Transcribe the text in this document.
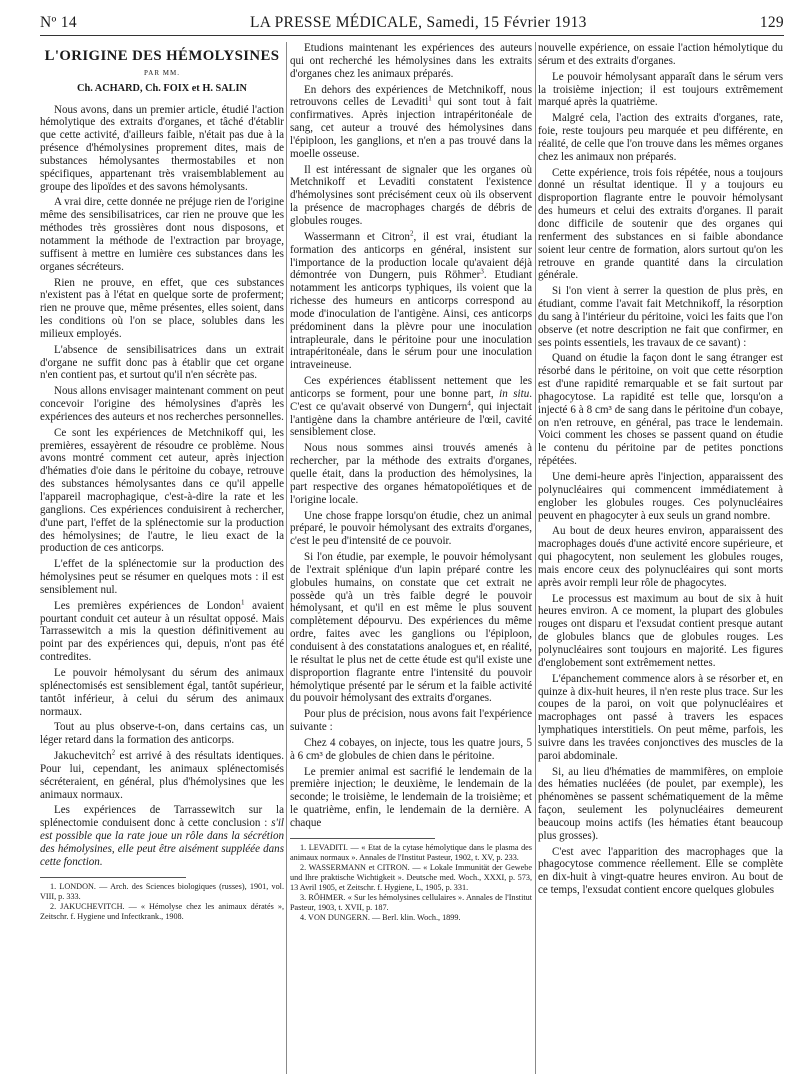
Nº 14	LA PRESSE MÉDICALE, Samedi, 15 Février 1913	129
L'ORIGINE DES HÉMOLYSINES
PAR MM.
Ch. ACHARD, Ch. FOIX et H. SALIN

Nous avons, dans un premier article, étudié l'action hémolytique des extraits d'organes, et tâché d'établir que cette activité, d'ailleurs faible, n'était pas due à la présence d'hémolysines proprement dites, mais de substances hémolysantes thermostabiles et non spécifiques, appartenant très vraisemblablement au groupe des lipoïdes et des savons hémolysants.

A vrai dire, cette donnée ne préjuge rien de l'origine même des sensibilisatrices, car rien ne prouve que les méthodes très grossières dont nous disposons, et notamment la méthode de l'extraction par broyage, suffisent à mettre en lumière ces substances dans les organes sécréteurs.

Rien ne prouve, en effet, que ces substances n'existent pas à l'état en quelque sorte de proferment; rien ne prouve que, même présentes, elles soient, dans les conditions où l'on se place, solubles dans les milieux employés.

L'absence de sensibilisatrices dans un extrait d'organe ne suffit donc pas à établir que cet organe n'en contient pas, et surtout qu'il n'en sécrète pas.

Nous allons envisager maintenant comment on peut concevoir l'origine des hémolysines d'après les expériences des auteurs et nos recherches personnelles.

Ce sont les expériences de Metchnikoff qui, les premières, essayèrent de résoudre ce problème. Nous avons montré comment cet auteur, après injection d'hématies d'oie dans le péritoine du cobaye, retrouve des substances hémolysantes dans ce qu'il appelle l'appareil macrophagique, c'est-à-dire la rate et les ganglions. Ces expériences conduisirent à rechercher, d'une part, l'effet de la splénectomie sur la production des hémolysines; de l'autre, le lieu exact de la production de ces anticorps.

L'effet de la splénectomie sur la production des hémolysines peut se résumer en quelques mots : il est sensiblement nul.

Les premières expériences de London$^1$ avaient pourtant conduit cet auteur à un résultat opposé. Mais Tarrassewitch a mis la question définitivement au point par des expériences qui, depuis, n'ont pas été contredites.

Le pouvoir hémolysant du sérum des animaux splénectomisés est sensiblement égal, tantôt supérieur, tantôt inférieur, à celui du sérum des animaux normaux.

Tout au plus observe-t-on, dans certains cas, un léger retard dans la formation des anticorps.

Jakuchevitch$^2$ est arrivé à des résultats identiques. Pour lui, cependant, les animaux splénectomisés sécréteraient, en général, plus d'hémolysines que les animaux normaux.

Les expériences de Tarrassewitch sur la splénectomie conduisent donc à cette conclusion : s'il est possible que la rate joue un rôle dans la sécrétion des hémolysines, elle peut être aisément suppléée dans cette fonction.

1. LONDON. — Arch. des Sciences biologiques (russes), 1901, vol. VIII, p. 333.

2. JAKUCHEVITCH. — « Hémolyse chez les animaux dératés », Zeitschr. f. Hygiene und Infectkrank., 1908.

Etudions maintenant les expériences des auteurs qui ont recherché les hémolysines dans les extraits d'organes chez les animaux préparés.

En dehors des expériences de Metchnikoff, nous retrouvons celles de Levaditi$^1$ qui sont tout à fait confirmatives. Après injection intrapéritonéale de sang, cet auteur a trouvé des hémolysines dans l'épiploon, les ganglions, et n'en a pas trouvé dans la moelle osseuse.

Il est intéressant de signaler que les organes où Metchnikoff et Levaditi constatent l'existence d'hémolysines sont précisément ceux où ils observent la présence de macrophages chargés de débris de globules rouges.

Wassermann et Citron$^2$, il est vrai, étudiant la formation des anticorps en général, insistent sur l'importance de la production locale qu'avaient déjà démontrée von Dungern, puis Röhmer$^3$. Etudiant notamment les anticorps typhiques, ils voient que la richesse des humeurs en anticorps correspond au mode d'inoculation de l'antigène. Ainsi, ces anticorps prédominent dans la plèvre pour une inoculation intrapleurale, dans le péritoine pour une inoculation intrapéritonéale, dans le sérum pour une inoculation intraveineuse.

Ces expériences établissent nettement que les anticorps se forment, pour une bonne part, in situ. C'est ce qu'avait observé von Dungern$^4$, qui injectait l'antigène dans la chambre antérieure de l'œil, cavité sensiblement close.

Nous nous sommes ainsi trouvés amenés à rechercher, par la méthode des extraits d'organes, quelle était, dans la production des hémolysines, la part respective des organes hématopoïétiques et de l'origine locale.

Une chose frappe lorsqu'on étudie, chez un animal préparé, le pouvoir hémolysant des extraits d'organes, c'est le peu d'intensité de ce pouvoir.

Si l'on étudie, par exemple, le pouvoir hémolysant de l'extrait splénique d'un lapin préparé contre les globules humains, on constate que cet extrait ne possède qu'à un très faible degré le pouvoir hémolysant, et qu'il en est même le plus souvent complètement dépourvu. Des expériences du même ordre, faites avec les ganglions ou l'épiploon, conduisent à des constatations analogues et, en réalité, le résultat le plus net de cette étude est qu'il existe une disproportion flagrante entre l'intensité du pouvoir hémolytique présenté par le sérum et la faible activité du pouvoir hémolysant des extraits d'organes.

Pour plus de précision, nous avons fait l'expérience suivante :

Chez 4 cobayes, on injecte, tous les quatre jours, 5 à 6 cm³ de globules de chien dans le péritoine.

Le premier animal est sacrifié le lendemain de la première injection; le deuxième, le lendemain de la seconde; le troisième, le lendemain de la troisième; et le quatrième, enfin, le lendemain de la dernière. A chaque

1. LEVADITI. — « Etat de la cytase hémolytique dans le plasma des animaux normaux ». Annales de l'Institut Pasteur, 1902, t. XV, p. 233.

2. WASSERMANN et CITRON. — « Lokale Immunität der Gewebe und Ihre praktische Wichtigkeit ». Deutsche med. Woch., XXXI, p. 573, 13 Avril 1905, et Zeitschr. f. Hygiene, L, 1905, p. 331.

3. RÖHMER. « Sur les hémolysines cellulaires ». Annales de l'Institut Pasteur, 1903, t. XVII, p. 187.

4. VON DUNGERN. — Berl. klin. Woch., 1899.

nouvelle expérience, on essaie l'action hémolytique du sérum et des extraits d'organes.

Le pouvoir hémolysant apparaît dans le sérum vers la troisième injection; il est toujours extrêmement marqué après la quatrième.

Malgré cela, l'action des extraits d'organes, rate, foie, reste toujours peu marquée et peu différente, en réalité, de celle que l'on trouve dans les mêmes organes chez les animaux non préparés.

Cette expérience, trois fois répétée, nous a toujours donné un résultat identique. Il y a toujours eu disproportion flagrante entre le pouvoir hémolysant des humeurs et celui des extraits d'organes. Il parait donc difficile de soutenir que des organes qui renferment des substances en si faible abondance soient leur centre de formation, alors surtout qu'on les retrouve en grande quantité dans la circulation générale.

Si l'on vient à serrer la question de plus près, en étudiant, comme l'avait fait Metchnikoff, la résorption du sang à l'intérieur du péritoine, voici les faits que l'on observe (et notre description ne fait que confirmer, en ses points essentiels, les travaux de ce savant) :

Quand on étudie la façon dont le sang étranger est résorbé dans le péritoine, on voit que cette résorption est d'une rapidité remarquable et se fait surtout par phagocytose. La rapidité est telle que, lorsqu'on a injecté 6 à 8 cm³ de sang dans le péritoine d'un cobaye, on n'en retrouve, en général, pas trace le lendemain. Voici comment les choses se passent quand on étudie le contenu du péritoine par de petites ponctions répétées.

Une demi-heure après l'injection, apparaissent des polynucléaires qui commencent immédiatement à englober les globules rouges. Ces polynucléaires peuvent en phagocyter à eux seuls un grand nombre.

Au bout de deux heures environ, apparaissent des macrophages doués d'une activité encore supérieure, et qui phagocytent, non seulement les globules rouges, mais encore ceux des polynucléaires qui sont morts après avoir rempli leur rôle de phagocytes.

Le processus est maximum au bout de six à huit heures environ. A ce moment, la plupart des globules rouges ont disparu et l'exsudat contient presque autant de globules blancs que de globules rouges. Les polynucléaires sont toujours en majorité. Les figures d'englobement sont extrêmement nettes.

L'épanchement commence alors à se résorber et, en quinze à dix-huit heures, il n'en reste plus trace. Sur les coupes de la paroi, on voit que polynucléaires et macrophages ont passé à travers les espaces lymphatiques interstitiels. On peut même, parfois, les suivre dans les travées conjonctives des muscles de la paroi abdominale.

Si, au lieu d'hématies de mammifères, on emploie des hématies nucléées (de poulet, par exemple), les phénomènes se passent schématiquement de la même façon, seulement les polynucléaires demeurent beaucoup moins actifs (les hématies étant beaucoup plus grosses).

C'est avec l'apparition des macrophages que la phagocytose commence réellement. Elle se complète en dix-huit à vingt-quatre heures environ. Au bout de ce temps, l'exsudat contient encore quelques globules
